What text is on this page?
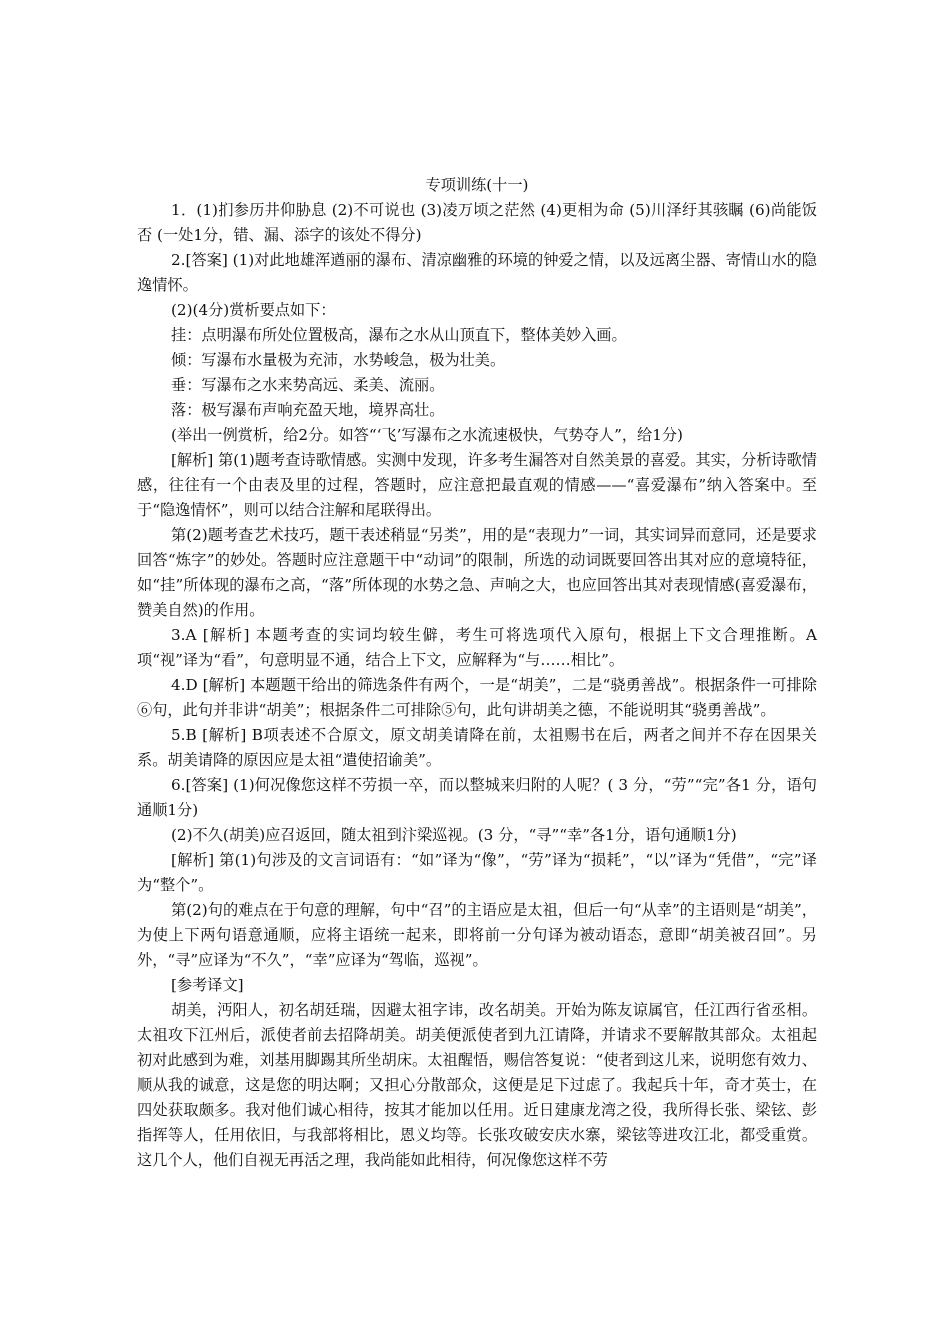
专项训练(十一)

1．(1)扪参历井仰胁息 (2)不可说也 (3)凌万顷之茫然 (4)更相为命 (5)川泽纡其骇瞩 (6)尚能饭否 (一处1分，错、漏、添字的该处不得分)

2.[答案] (1)对此地雄浑遒丽的瀑布、清凉幽雅的环境的钟爱之情，以及远离尘器、寄情山水的隐逸情怀。

(2)(4分)赏析要点如下：

挂：点明瀑布所处位置极高，瀑布之水从山顶直下，整体美妙入画。

倾：写瀑布水量极为充沛，水势峻急，极为壮美。

垂：写瀑布之水来势高远、柔美、流丽。

落：极写瀑布声响充盈天地，境界高壮。

(举出一例赏析，给2分。如答“‘飞’写瀑布之水流速极快，气势夺人”，给1分)

[解析] 第(1)题考查诗歌情感。实测中发现，许多考生漏答对自然美景的喜爱。其实，分析诗歌情感，往往有一个由表及里的过程，答题时，应注意把最直观的情感——“喜爱瀑布”纳入答案中。至于“隐逸情怀”，则可以结合注解和尾联得出。

第(2)题考查艺术技巧，题干表述稍显“另类”，用的是“表现力”一词，其实词异而意同，还是要求回答“炼字”的妙处。答题时应注意题干中“动词”的限制，所选的动词既要回答出其对应的意境特征，如“挂”所体现的瀑布之高，“落”所体现的水势之急、声响之大，也应回答出其对表现情感(喜爱瀑布，赞美自然)的作用。

3.A [解析] 本题考查的实词均较生僻，考生可将选项代入原句，根据上下文合理推断。A项“视”译为“看”，句意明显不通，结合上下文，应解释为“与……相比”。

4.D [解析] 本题题干给出的筛选条件有两个，一是“胡美”，二是“骁勇善战”。根据条件一可排除⑥句，此句并非讲“胡美”；根据条件二可排除⑤句，此句讲胡美之德，不能说明其“骁勇善战”。

5.B [解析] B项表述不合原文，原文胡美请降在前，太祖赐书在后，两者之间并不存在因果关系。胡美请降的原因应是太祖“遣使招谕美”。

6.[答案] (1)何况像您这样不劳损一卒，而以整城来归附的人呢？( 3 分，“劳”“完”各1 分，语句通顺1分)

(2)不久(胡美)应召返回，随太祖到汴梁巡视。(3 分，“寻”“幸”各1分，语句通顺1分)

[解析] 第(1)句涉及的文言词语有：“如”译为“像”，“劳”译为“损耗”，“以”译为“凭借”，“完”译为“整个”。

第(2)句的难点在于句意的理解，句中“召”的主语应是太祖，但后一句“从幸”的主语则是“胡美”，为使上下两句语意通顺，应将主语统一起来，即将前一分句译为被动语态，意即“胡美被召回”。另外，“寻”应译为“不久”，“幸”应译为“驾临，巡视”。

[参考译文]

胡美，沔阳人，初名胡廷瑞，因避太祖字讳，改名胡美。开始为陈友谅属官，任江西行省丞相。太祖攻下江州后，派使者前去招降胡美。胡美便派使者到九江请降，并请求不要解散其部众。太祖起初对此感到为难，刘基用脚踢其所坐胡床。太祖醒悟，赐信答复说：“使者到这儿来，说明您有效力、顺从我的诚意，这是您的明达啊；又担心分散部众，这便是足下过虑了。我起兵十年，奇才英士，在四处获取颇多。我对他们诚心相待，按其才能加以任用。近日建康龙湾之役，我所得长张、梁铉、彭指挥等人，任用依旧，与我部将相比，恩义均等。长张攻破安庆水寨，梁铉等进攻江北，都受重赏。这几个人，他们自视无再活之理，我尚能如此相待，何况像您这样不劳
